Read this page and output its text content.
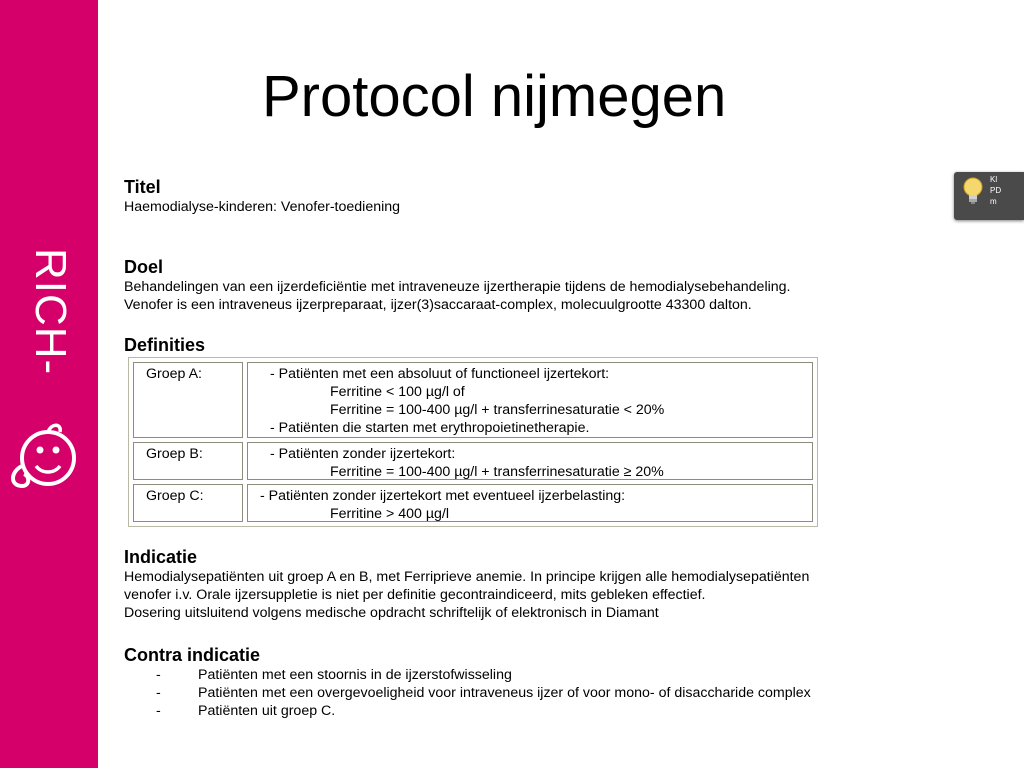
RICH-
Protocol nijmegen
Titel
Haemodialyse-kinderen: Venofer-toediening
Doel
Behandelingen van een ijzerdeficiëntie met intraveneuze ijzertherapie tijdens de hemodialysebehandeling.
Venofer is een intraveneus ijzerpreparaat, ijzer(3)saccaraat-complex, molecuulgrootte 43300 dalton.
Definities
Groep A:	- Patiënten met een absoluut of functioneel ijzertekort:
Ferritine < 100 µg/l of
Ferritine = 100-400 µg/l + transferrinesaturatie < 20%
- Patiënten die starten met erythropoietinetherapie.
Groep B:	- Patiënten zonder ijzertekort:
Ferritine = 100-400 µg/l + transferrinesaturatie ≥ 20%
Groep C:	- Patiënten zonder ijzertekort met eventueel ijzerbelasting:
Ferritine > 400 µg/l
Indicatie
Hemodialysepatiënten uit groep A en B, met Ferriprieve anemie. In principe krijgen alle hemodialysepatiënten
venofer i.v. Orale ijzersuppletie is niet per definitie gecontraindiceerd, mits gebleken effectief.
Dosering uitsluitend volgens medische opdracht schriftelijk of elektronisch in Diamant
Contra indicatie
-	Patiënten met een stoornis in de ijzerstofwisseling
-	Patiënten met een overgevoeligheid voor intraveneus ijzer of voor mono- of disaccharide complex
-	Patiënten uit groep C.
Kl
PD
m
